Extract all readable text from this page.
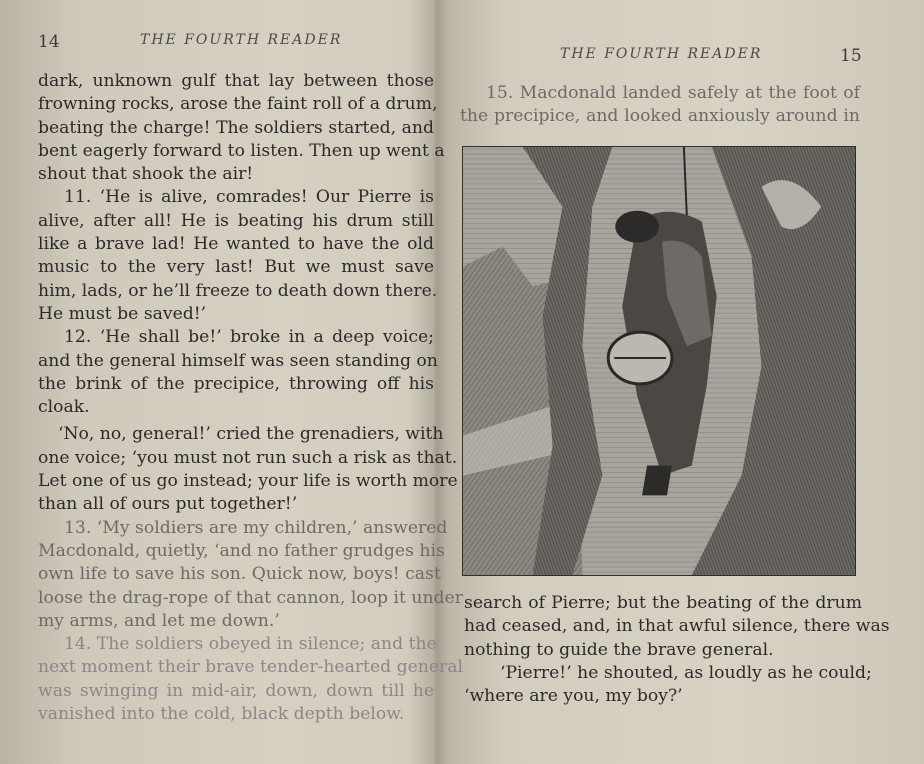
14	THE FOURTH READER
dark, unknown gulf that lay between those
frowning rocks, arose the faint roll of a drum,
beating the charge! The soldiers started, and
bent eagerly forward to listen. Then up went a
shout that shook the air!
11. ‘He is alive, comrades! Our Pierre is
alive, after all! He is beating his drum still
like a brave lad! He wanted to have the old
music to the very last! But we must save
him, lads, or he’ll freeze to death down there.
He must be saved!’
12. ‘He shall be!’ broke in a deep voice;
and the general himself was seen standing on
the brink of the precipice, throwing off his
cloak.
‘No, no, general!’ cried the grenadiers, with
one voice; ‘you must not run such a risk as that.
Let one of us go instead; your life is worth more
than all of ours put together!’
13. ‘My soldiers are my children,’ answered
Macdonald, quietly, ‘and no father grudges his
own life to save his son. Quick now, boys! cast
loose the drag-rope of that cannon, loop it under
my arms, and let me down.’
14. The soldiers obeyed in silence; and the
next moment their brave tender-hearted general
was swinging in mid-air, down, down till he
vanished into the cold, black depth below.
THE FOURTH READER	15
15. Macdonald landed safely at the foot of
the precipice, and looked anxiously around in
search of Pierre; but the beating of the drum
had ceased, and, in that awful silence, there was
nothing to guide the brave general.
‘Pierre!’ he shouted, as loudly as he could;
‘where are you, my boy?’
